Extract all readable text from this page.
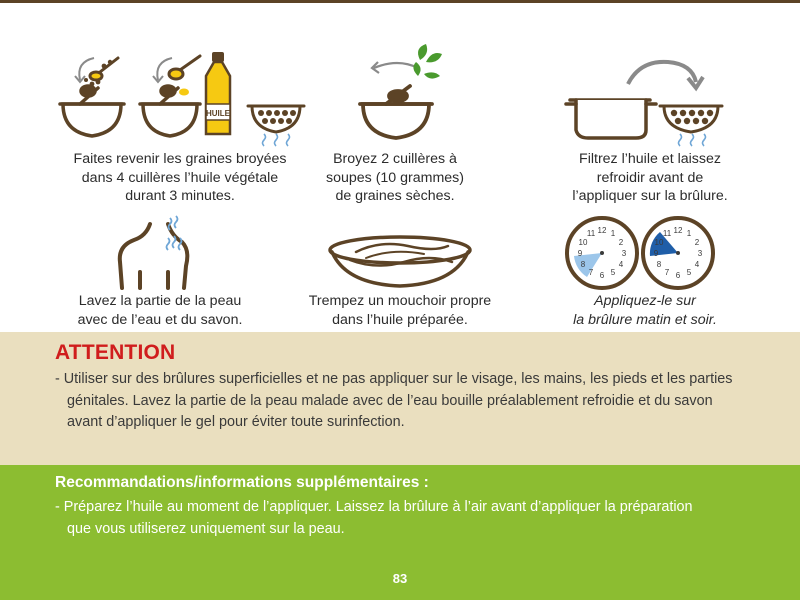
HUILE
Faites revenir les graines broyées
dans 4 cuillères l’huile végétale
durant 3 minutes.
Broyez 2 cuillères à
soupes (10 grammes)
de graines sèches.
Filtrez l’huile et laissez
refroidir avant de
l’appliquer sur la brûlure.
Lavez la partie de la peau
avec de l’eau et du savon.
Trempez un mouchoir propre
dans l’huile préparée.
12 1
2
3
4
5
6
7
8
9
10
11	12 1
2
3
4
5
6
7
8
9
10
11
Appliquez-le sur
la brûlure matin et soir.
ATTENTION
- Utiliser sur des brûlures superficielles et ne pas appliquer sur le visage, les mains, les pieds et les parties
génitales. Lavez la partie de la peau malade avec de l’eau bouille préalablement refroidie et du savon
avant d’appliquer le gel pour éviter toute surinfection.
Recommandations/informations supplémentaires :
- Préparez l’huile au moment de l’appliquer. Laissez la brûlure à l’air avant d’appliquer la préparation
que vous utiliserez uniquement sur la peau.
83
